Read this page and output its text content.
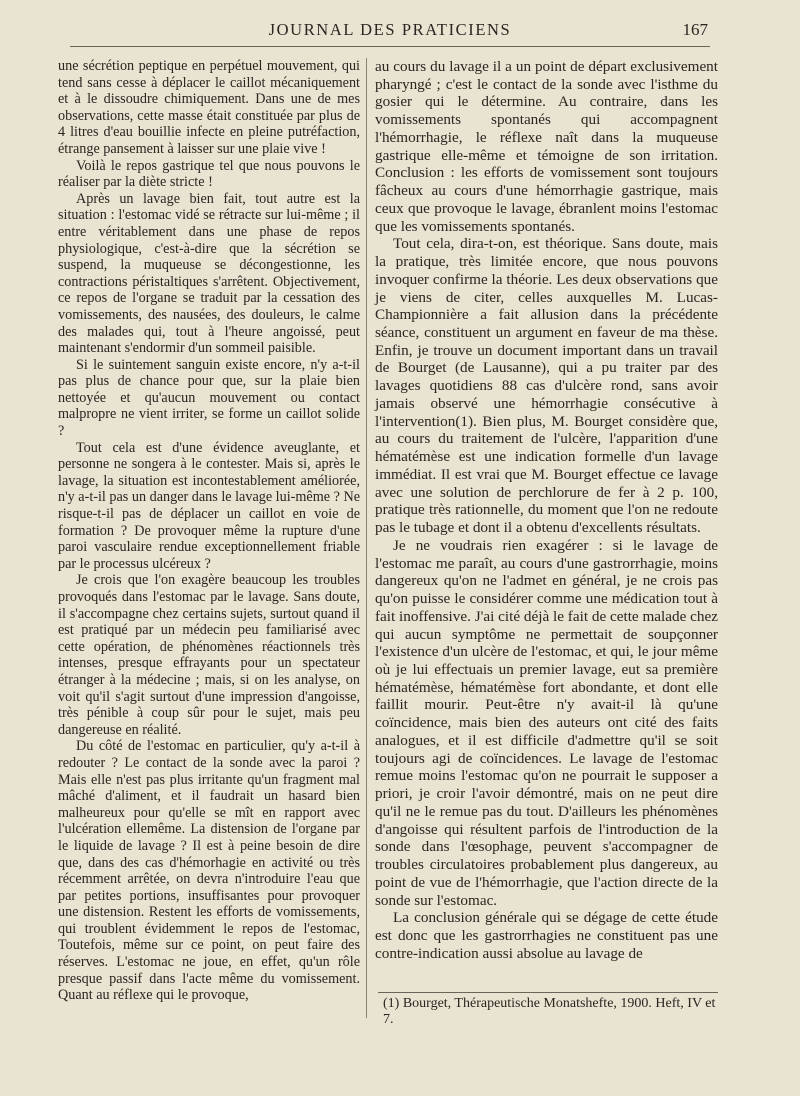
JOURNAL DES PRATICIENS	167

une sécrétion peptique en perpétuel mouvement, qui tend sans cesse à déplacer le caillot mécaniquement et à le dissoudre chimiquement. Dans une de mes observations, cette masse était constituée par plus de 4 litres d'eau bouillie infecte en pleine putréfaction, étrange pansement à laisser sur une plaie vive !

Voilà le repos gastrique tel que nous pouvons le réaliser par la diète stricte !

Après un lavage bien fait, tout autre est la situation : l'estomac vidé se rétracte sur lui-même ; il entre véritablement dans une phase de repos physiologique, c'est-à-dire que la sécrétion se suspend, la muqueuse se décongestionne, les contractions péristaltiques s'arrêtent. Objectivement, ce repos de l'organe se traduit par la cessation des vomissements, des nausées, des douleurs, le calme des malades qui, tout à l'heure angoissé, peut maintenant s'endormir d'un sommeil paisible.

Si le suintement sanguin existe encore, n'y a-t-il pas plus de chance pour que, sur la plaie bien nettoyée et qu'aucun mouvement ou contact malpropre ne vient irriter, se forme un caillot solide ?

Tout cela est d'une évidence aveuglante, et personne ne songera à le contester. Mais si, après le lavage, la situation est incontestablement améliorée, n'y a-t-il pas un danger dans le lavage lui-même ? Ne risque-t-il pas de déplacer un caillot en voie de formation ? De provoquer même la rupture d'une paroi vasculaire rendue exceptionnellement friable par le processus ulcéreux ?

Je crois que l'on exagère beaucoup les troubles provoqués dans l'estomac par le lavage. Sans doute, il s'accompagne chez certains sujets, surtout quand il est pratiqué par un médecin peu familiarisé avec cette opération, de phénomènes réactionnels très intenses, presque effrayants pour un spectateur étranger à la médecine ; mais, si on les analyse, on voit qu'il s'agit surtout d'une impression d'angoisse, très pénible à coup sûr pour le sujet, mais peu dangereuse en réalité.

Du côté de l'estomac en particulier, qu'y a-t-il à redouter ? Le contact de la sonde avec la paroi ? Mais elle n'est pas plus irritante qu'un fragment mal mâché d'aliment, et il faudrait un hasard bien malheureux pour qu'elle se mît en rapport avec l'ulcération ellemême. La distension de l'organe par le liquide de lavage ? Il est à peine besoin de dire que, dans des cas d'hémorhagie en activité ou très récemment arrêtée, on devra n'introduire l'eau que par petites portions, insuffisantes pour provoquer une distension. Restent les efforts de vomissements, qui troublent évidemment le repos de l'estomac, Toutefois, même sur ce point, on peut faire des réserves. L'estomac ne joue, en effet, qu'un rôle presque passif dans l'acte même du vomissement. Quant au réflexe qui le provoque,

au cours du lavage il a un point de départ exclusivement pharyngé ; c'est le contact de la sonde avec l'isthme du gosier qui le détermine. Au contraire, dans les vomissements spontanés qui accompagnent l'hémorrhagie, le réflexe naît dans la muqueuse gastrique elle-même et témoigne de son irritation. Conclusion : les efforts de vomissement sont toujours fâcheux au cours d'une hémorrhagie gastrique, mais ceux que provoque le lavage, ébranlent moins l'estomac que les vomissements spontanés.

Tout cela, dira-t-on, est théorique. Sans doute, mais la pratique, très limitée encore, que nous pouvons invoquer confirme la théorie. Les deux observations que je viens de citer, celles auxquelles M. Lucas-Championnière a fait allusion dans la précédente séance, constituent un argument en faveur de ma thèse. Enfin, je trouve un document important dans un travail de Bourget (de Lausanne), qui a pu traiter par des lavages quotidiens 88 cas d'ulcère rond, sans avoir jamais observé une hémorrhagie consécutive à l'intervention(1). Bien plus, M. Bourget considère que, au cours du traitement de l'ulcère, l'apparition d'une hématémèse est une indication formelle d'un lavage immédiat. Il est vrai que M. Bourget effectue ce lavage avec une solution de perchlorure de fer à 2 p. 100, pratique très rationnelle, du moment que l'on ne redoute pas le tubage et dont il a obtenu d'excellents résultats.

Je ne voudrais rien exagérer : si le lavage de l'estomac me paraît, au cours d'une gastrorrhagie, moins dangereux qu'on ne l'admet en général, je ne crois pas qu'on puisse le considérer comme une médication tout à fait inoffensive. J'ai cité déjà le fait de cette malade chez qui aucun symptôme ne permettait de soupçonner l'existence d'un ulcère de l'estomac, et qui, le jour même où je lui effectuais un premier lavage, eut sa première hématémèse, hématémèse fort abondante, et dont elle faillit mourir. Peut-être n'y avait-il là qu'une coïncidence, mais bien des auteurs ont cité des faits analogues, et il est difficile d'admettre qu'il se soit toujours agi de coïncidences. Le lavage de l'estomac remue moins l'estomac qu'on ne pourrait le supposer a priori, je croir l'avoir démontré, mais on ne peut dire qu'il ne le remue pas du tout. D'ailleurs les phénomènes d'angoisse qui résultent parfois de l'introduction de la sonde dans l'œsophage, peuvent s'accompagner de troubles circulatoires probablement plus dangereux, au point de vue de l'hémorrhagie, que l'action directe de la sonde sur l'estomac.

La conclusion générale qui se dégage de cette étude est donc que les gastrorrhagies ne constituent pas une contre-indication aussi absolue au lavage de

(1) Bourget, Thérapeutische Monatshefte, 1900. Heft, IV et 7.
